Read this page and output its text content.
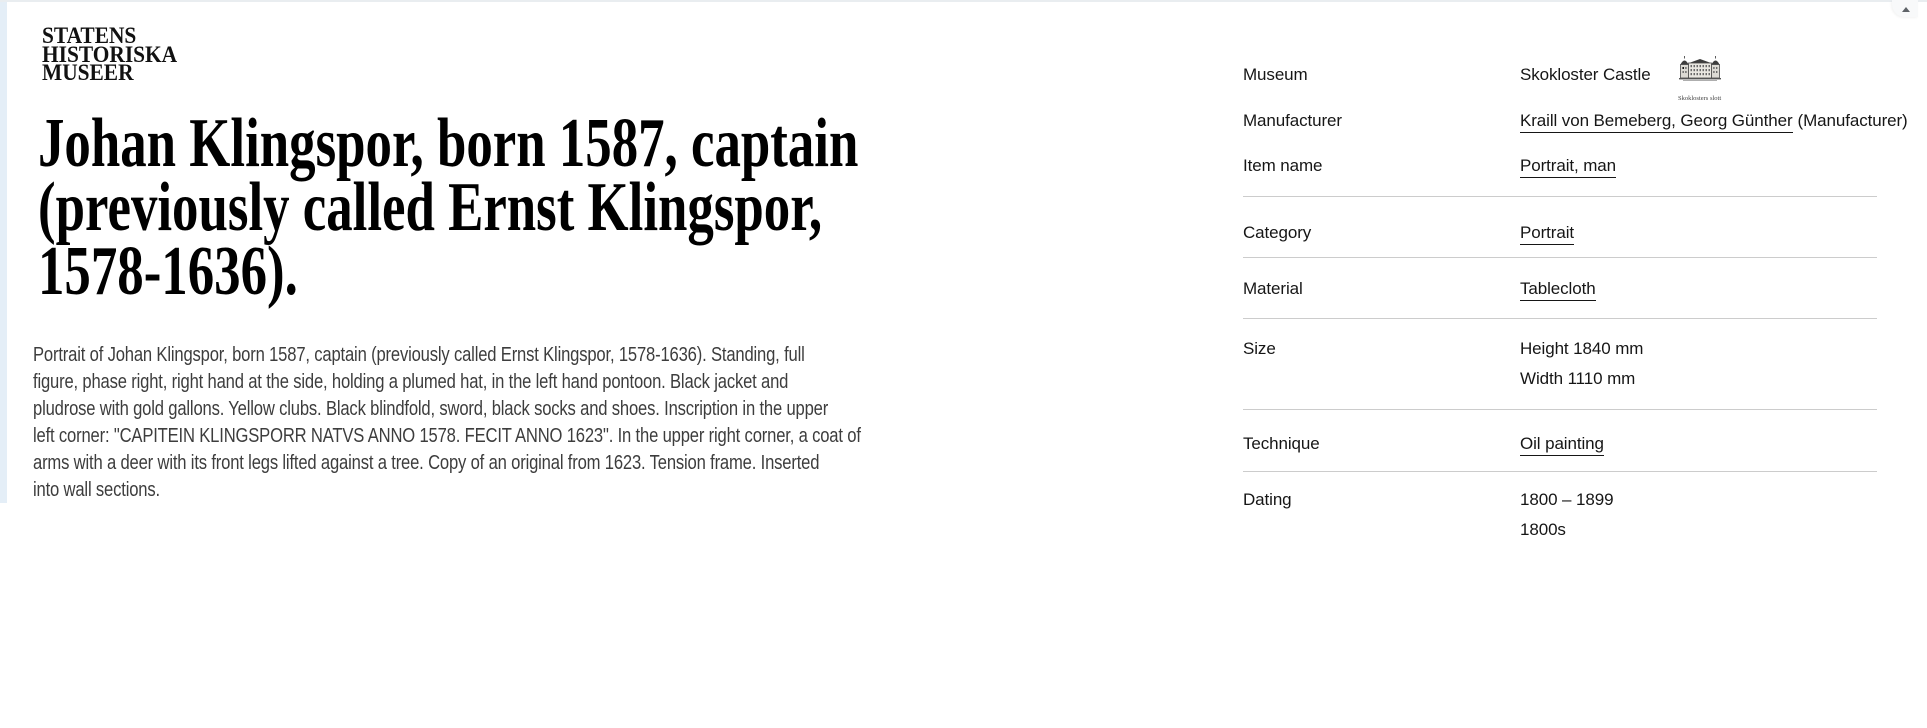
STATENS
HISTORISKA
MUSEER
Johan Klingspor, born 1587, captain
(previously called Ernst Klingspor,
1578-1636).
Portrait of Johan Klingspor, born 1587, captain (previously called Ernst Klingspor, 1578-1636). Standing, full
figure, phase right, right hand at the side, holding a plumed hat, in the left hand pontoon. Black jacket and
pludrose with gold gallons. Yellow clubs. Black blindfold, sword, black socks and shoes. Inscription in the upper
left corner: "CAPITEIN KLINGSPORR NATVS ANNO 1578. FECIT ANNO 1623". In the upper right corner, a coat of
arms with a deer with its front legs lifted against a tree. Copy of an original from 1623. Tension frame. Inserted
into wall sections.
Museum	Skokloster Castle
Skoklosters slott
Manufacturer	Kraill von Bemeberg, Georg Günther (Manufacturer)
Item name	Portrait, man
Category	Portrait
Material	Tablecloth
Size	Height 1840 mm
Width 1110 mm
Technique	Oil painting
Dating	1800 – 1899
1800s
